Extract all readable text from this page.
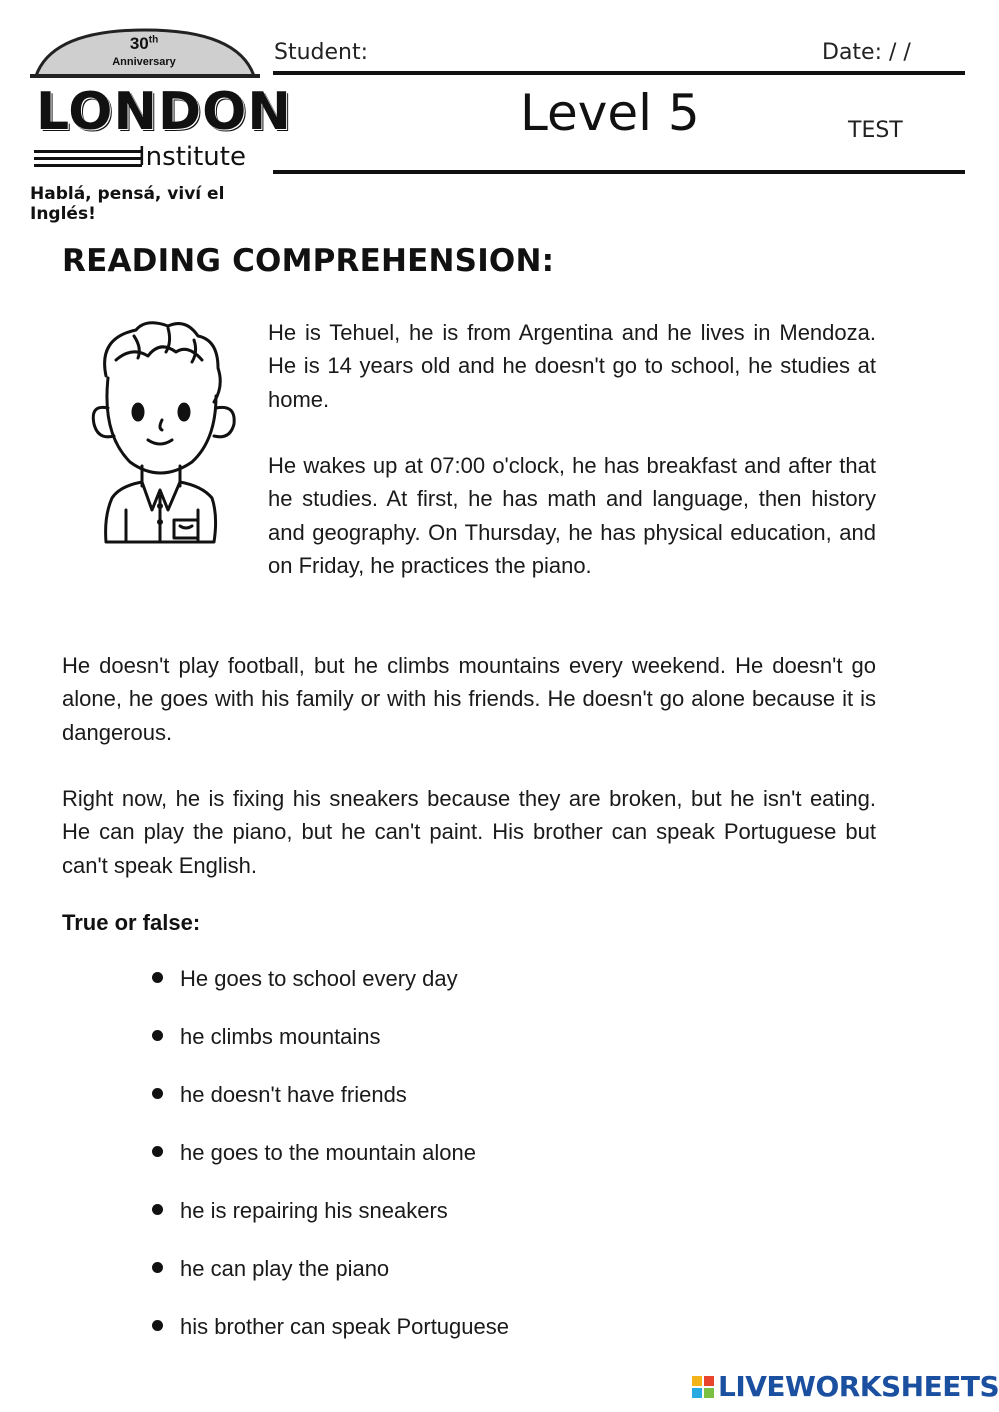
30th
Anniversary
LONDON
Institute
Hablá, pensá, viví el Inglés!
Student:	Date: / /
Level 5	TEST
READING COMPREHENSION:

He is Tehuel, he is from Argentina and he lives in Mendoza. He is 14 years old and he doesn't go to school, he studies at home.

He wakes up at 07:00 o'clock, he has breakfast and after that he studies. At first, he has math and language, then history and geography. On Thursday, he has physical education, and on Friday, he practices the piano.

He doesn't play football, but he climbs mountains every weekend. He doesn't go alone, he goes with his family or with his friends. He doesn't go alone because it is dangerous.

Right now, he is fixing his sneakers because they are broken, but he isn't eating. He can play the piano, but he can't paint. His brother can speak Portuguese but can't speak English.

True or false:
He goes to school every day
he climbs mountains
he doesn't have friends
he goes to the mountain alone
he is repairing his sneakers
he can play the piano
his brother can speak Portuguese
LIVEWORKSHEETS
